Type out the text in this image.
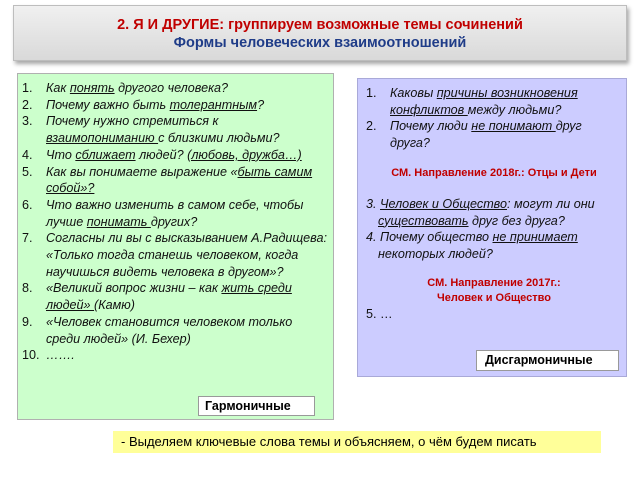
2. Я И ДРУГИЕ: группируем возможные темы сочинений
Формы человеческих взаимоотношений
1.	Как понять другого человека?
2.	Почему важно быть толерантным?
3.	Почему нужно стремиться к взаимопониманию с близкими людьми?
4.	Что сближает людей? (любовь, дружба…)
5.	Как вы понимаете выражение «быть самим собой»?
6.	Что важно изменить в самом себе, чтобы лучше понимать других?
7.	Согласны ли вы с высказыванием А.Радищева: «Только тогда станешь человеком, когда научишься видеть человека в другом»?
8.	«Великий вопрос жизни – как жить среди людей» (Камю)
9.	«Человек становится человеком только среди людей» (И. Бехер)
10. …….
Гармоничные
1.	Каковы причины возникновения конфликтов между людьми?
2.	Почему люди не понимают друг друга?
СМ. Направление 2018г.: Отцы и Дети
3. Человек и Общество: могут ли они существовать друг без друга?
4. Почему общество не принимает некоторых людей?
СМ. Направление 2017г.:
Человек и Общество
5. …
Дисгармоничные
- Выделяем ключевые слова темы и объясняем, о чём будем писать
